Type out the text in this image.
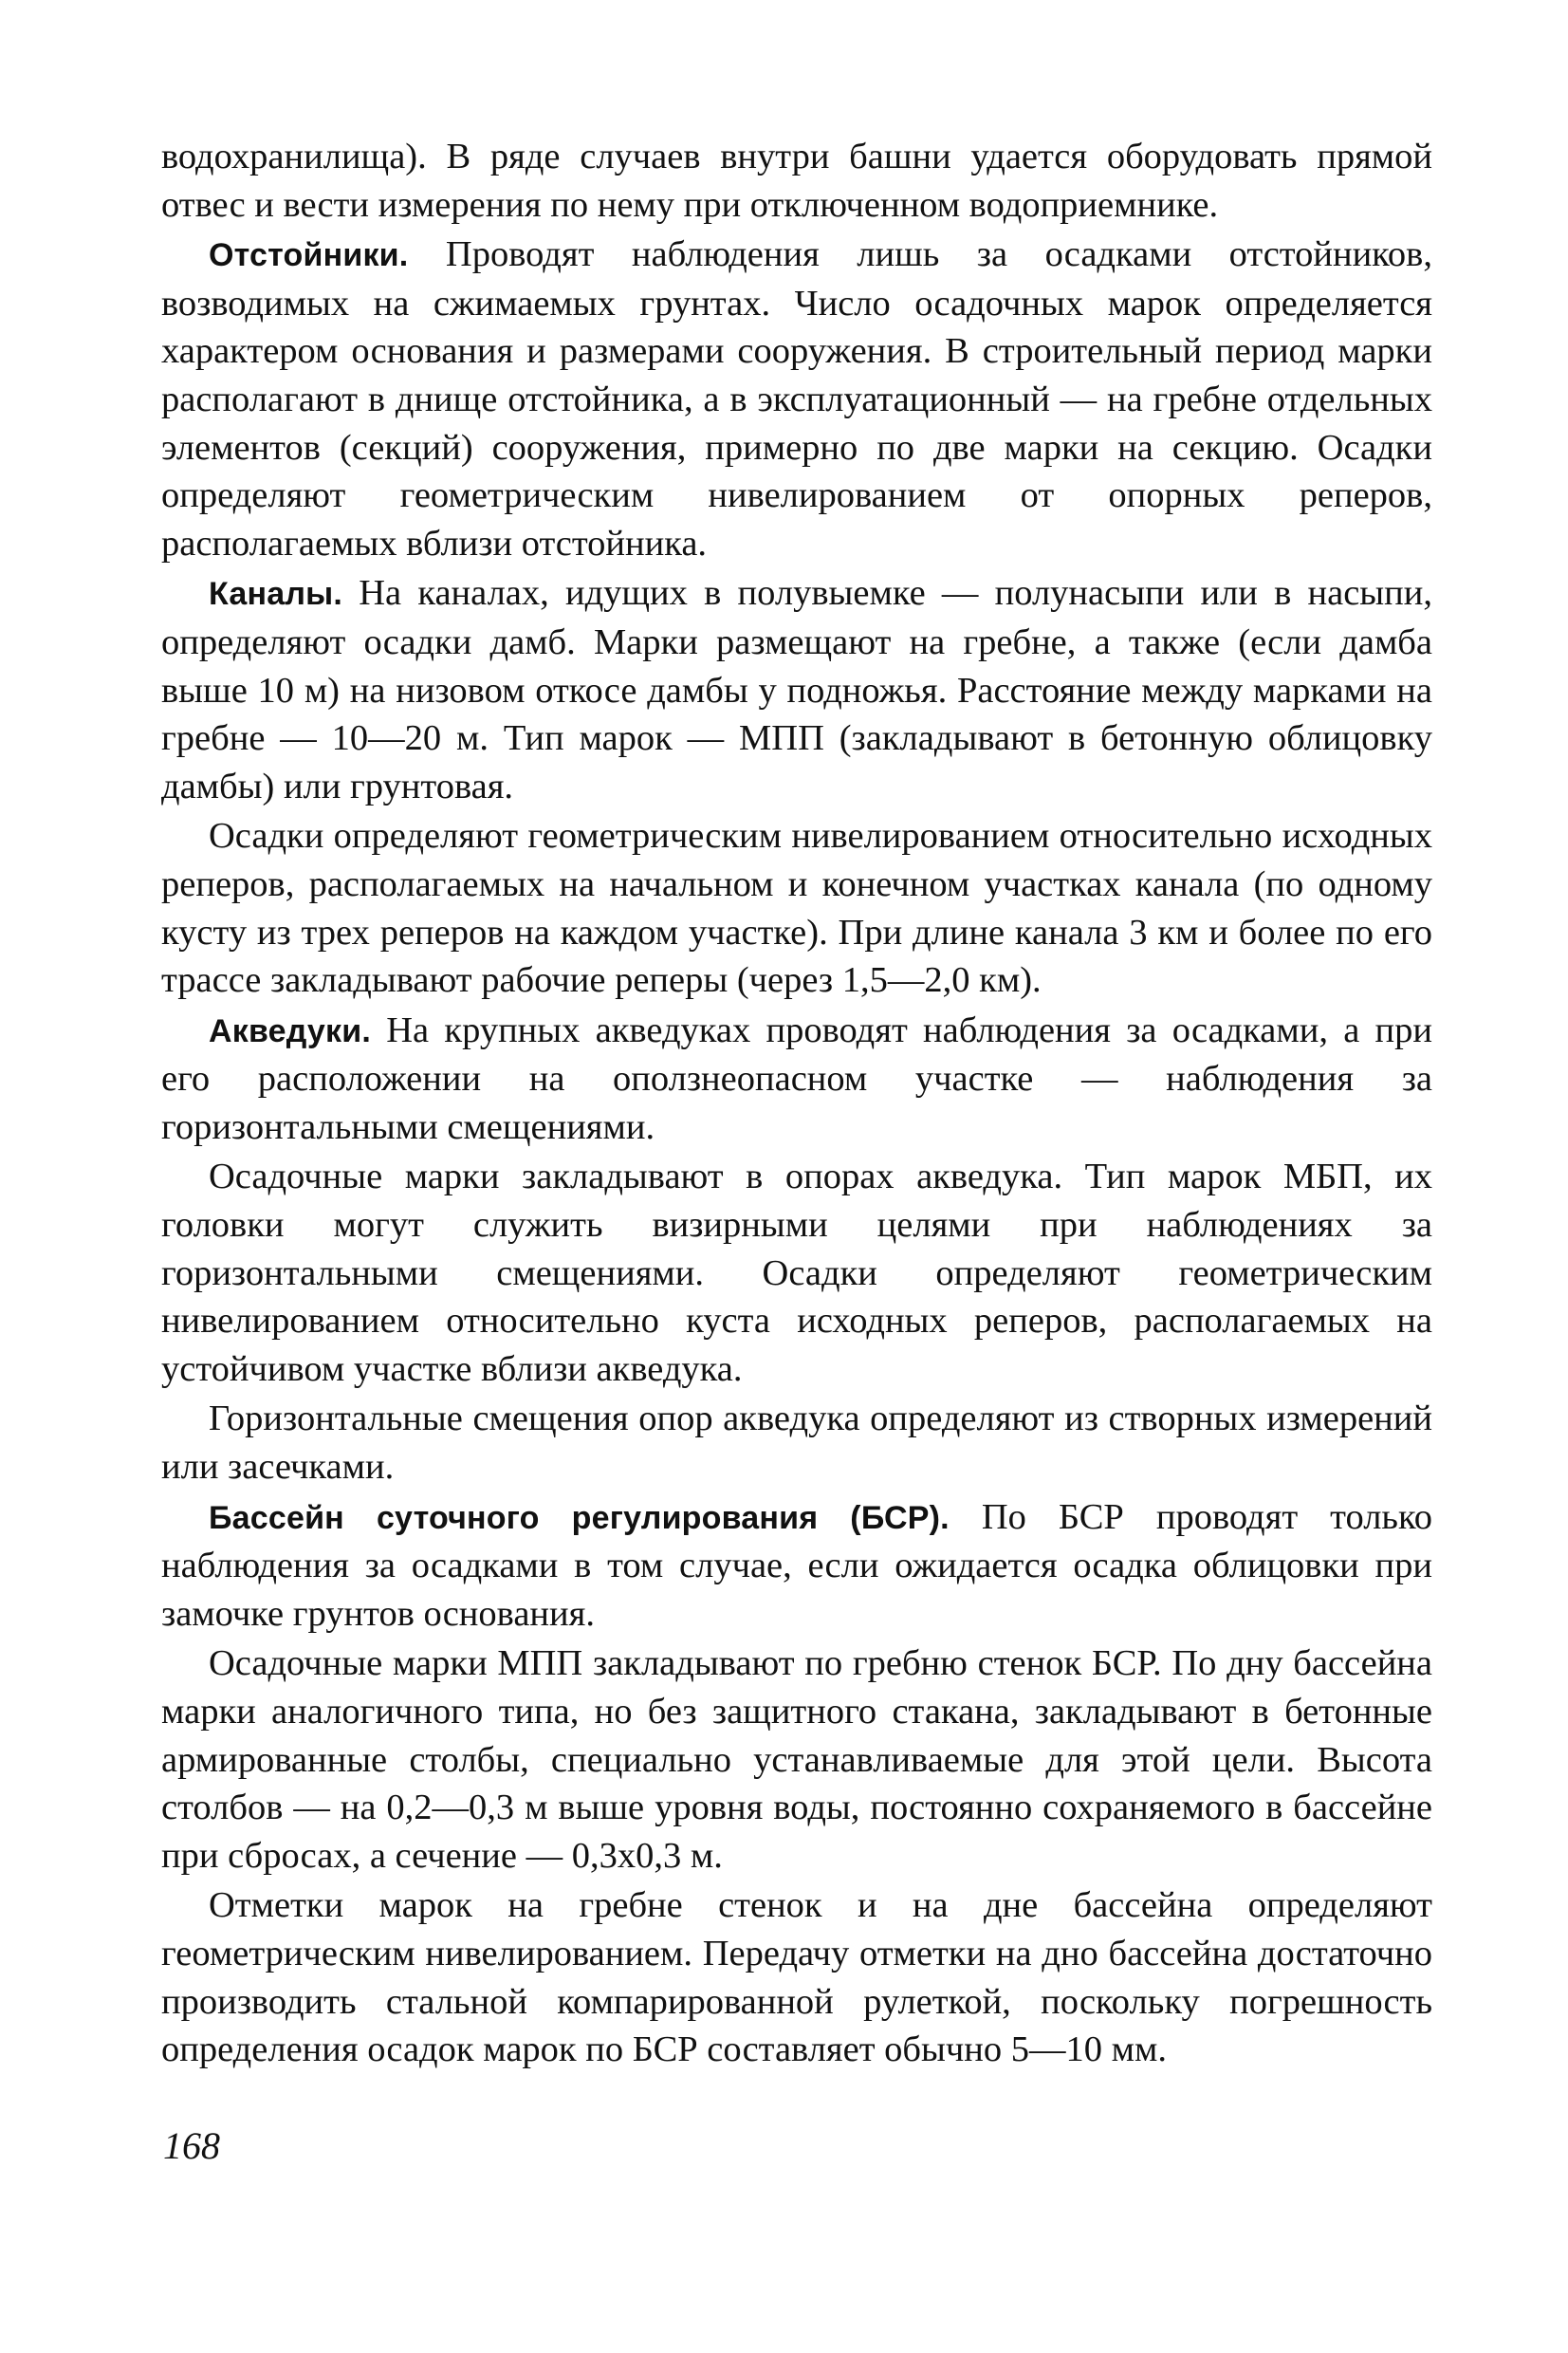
водохранилища). В ряде случаев внутри башни удается оборудовать прямой отвес и вести измерения по нему при отключенном водоприемнике.

Отстойники. Проводят наблюдения лишь за осадками отстойников, возводимых на сжимаемых грунтах. Число осадочных марок определяется характером основания и размерами сооружения. В строительный период марки располагают в днище отстойника, а в эксплуатационный — на гребне отдельных элементов (секций) сооружения, примерно по две марки на секцию. Осадки определяют геометрическим нивелированием от опорных реперов, располагаемых вблизи отстойника.

Каналы. На каналах, идущих в полувыемке — полунасыпи или в насыпи, определяют осадки дамб. Марки размещают на гребне, а также (если дамба выше 10 м) на низовом откосе дамбы у подножья. Расстояние между марками на гребне — 10—20 м. Тип марок — МПП (закладывают в бетонную облицовку дамбы) или грунтовая.

Осадки определяют геометрическим нивелированием относительно исходных реперов, располагаемых на начальном и конечном участках канала (по одному кусту из трех реперов на каждом участке). При длине канала 3 км и более по его трассе закладывают рабочие реперы (через 1,5—2,0 км).

Акведуки. На крупных акведуках проводят наблюдения за осадками, а при его расположении на оползнеопасном участке — наблюдения за горизонтальными смещениями.

Осадочные марки закладывают в опорах акведука. Тип марок МБП, их головки могут служить визирными целями при наблюдениях за горизонтальными смещениями. Осадки определяют геометрическим нивелированием относительно куста исходных реперов, располагаемых на устойчивом участке вблизи акведука.

Горизонтальные смещения опор акведука определяют из створных измерений или засечками.

Бассейн суточного регулирования (БСР). По БСР проводят только наблюдения за осадками в том случае, если ожидается осадка облицовки при замочке грунтов основания.

Осадочные марки МПП закладывают по гребню стенок БСР. По дну бассейна марки аналогичного типа, но без защитного стакана, закладывают в бетонные армированные столбы, специально устанавливаемые для этой цели. Высота столбов — на 0,2—0,3 м выше уровня воды, постоянно сохраняемого в бассейне при сбросах, а сечение — 0,3х0,3 м.

Отметки марок на гребне стенок и на дне бассейна определяют геометрическим нивелированием. Передачу отметки на дно бассейна достаточно производить стальной компарированной рулеткой, поскольку погрешность определения осадок марок по БСР составляет обычно 5—10 мм.

168
